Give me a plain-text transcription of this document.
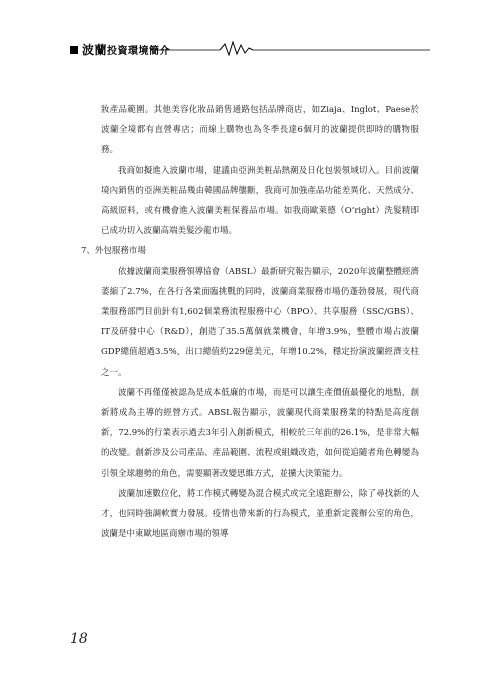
波蘭投資環境簡介

妝產品範圍。其他美容化妝品銷售通路包括品牌商店，如Ziaja、Inglot、Paese於波蘭全境都有直營專店；而線上購物也為冬季長達6個月的波蘭提供即時的購物服務。

我商如擬進入波蘭市場，建議由亞洲美粧品熱潮及日化包裝領域切入。目前波蘭境內銷售的亞洲美粧品幾由韓國品牌壟斷，我商可加強產品功能差異化、天然成分、高級原料，或有機會進入波蘭美粧保養品市場。如我商歐萊德（O’right）洗髮精即已成功切入波蘭高端美髮沙龍市場。

7、外包服務市場

依據波蘭商業服務領導協會（ABSL）最新研究報告顯示，2020年波蘭整體經濟萎縮了2.7%，在各行各業面臨挑戰的同時，波蘭商業服務市場仍蓬勃發展，現代商業服務部門目前針有1,602個業務流程服務中心（BPO）、共享服務（SSC/GBS）、IT及研發中心（R&D），創造了35.5萬個就業機會，年增3.9%，整體市場占波蘭GDP總值超過3.5%，出口總值約229億美元，年增10.2%，穩定扮演波蘭經濟支柱之一。

波蘭不再僅僅被認為是成本低廉的市場，而是可以讓生產價值最優化的地點，創新將成為主導的經營方式。ABSL報告顯示，波蘭現代商業服務業的特點是高度創新，72.9%的行業表示過去3年引入創新模式，相較於三年前的26.1%，是非常大幅的改變。創新涉及公司產品、產品範圍、流程或組織改造，如何從追隨者角色轉變為引領全球趨勢的角色，需要顯著改變思維方式，並擴大決策能力。

波蘭加速數位化，將工作模式轉變為混合模式或完全遠距辦公，除了尋找新的人才，也同時強調軟實力發展。疫情也帶來新的行為模式，並重新定義辦公室的角色，波蘭是中東歐地區商辦市場的領導

18
